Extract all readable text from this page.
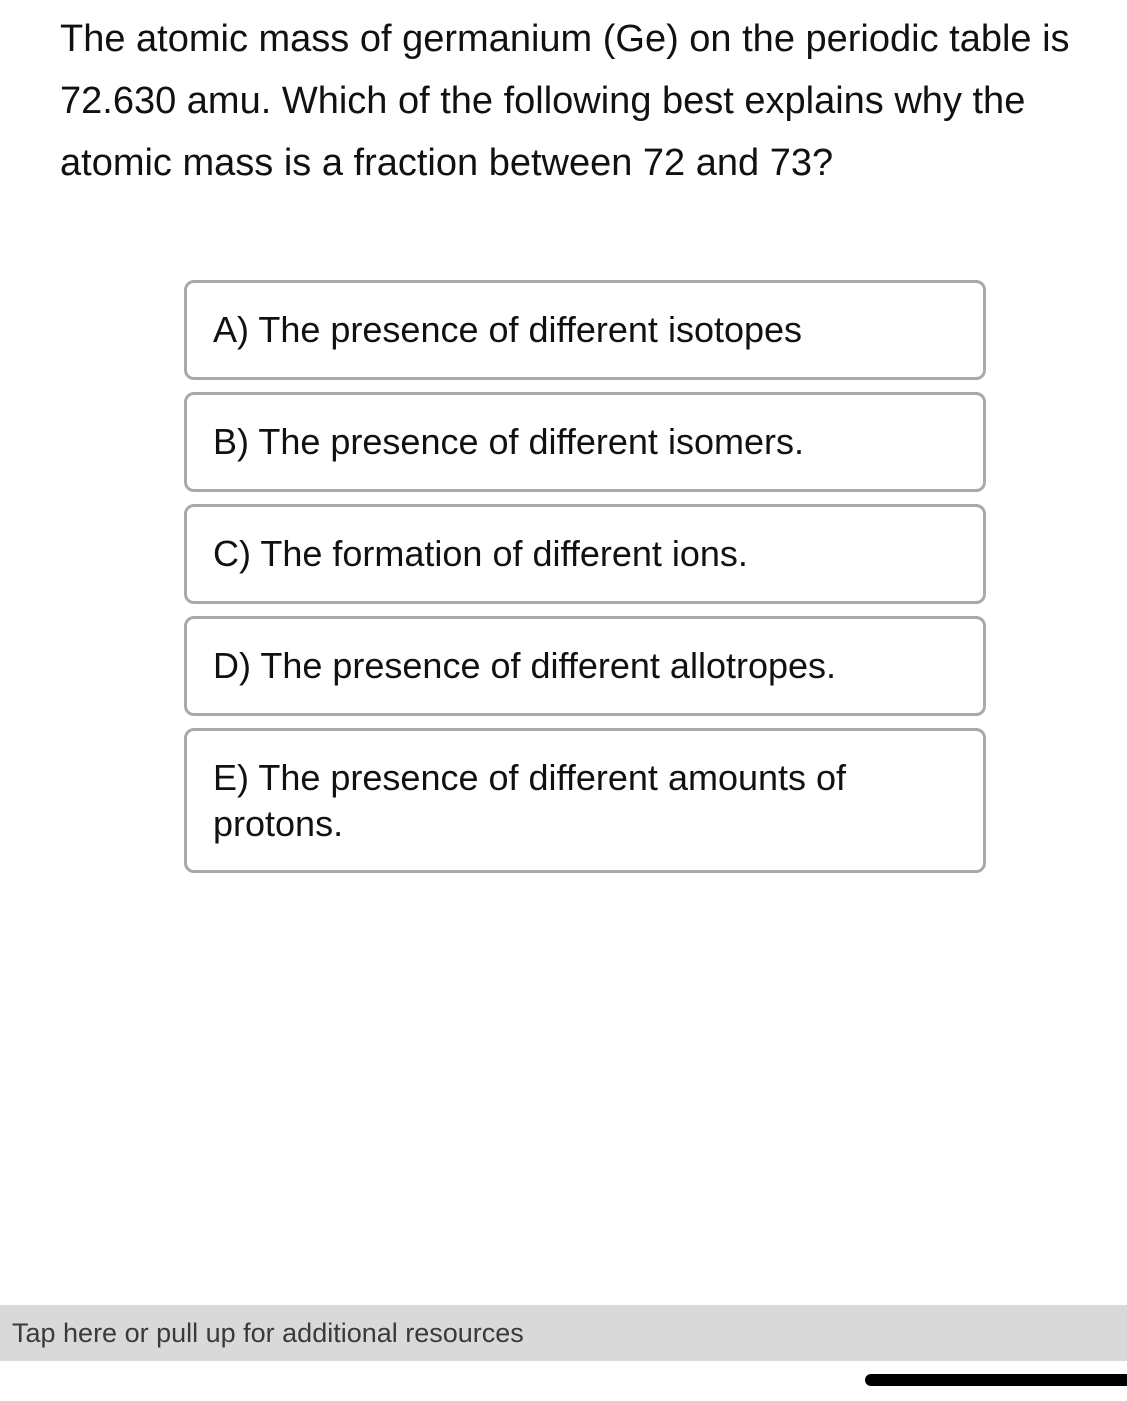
The atomic mass of germanium (Ge) on the periodic table is 72.630 amu. Which of the following best explains why the atomic mass is a fraction between 72 and 73?

A) The presence of different isotopes
B) The presence of different isomers.
C) The formation of different ions.
D) The presence of different allotropes.
E) The presence of different amounts of protons.
Tap here or pull up for additional resources
